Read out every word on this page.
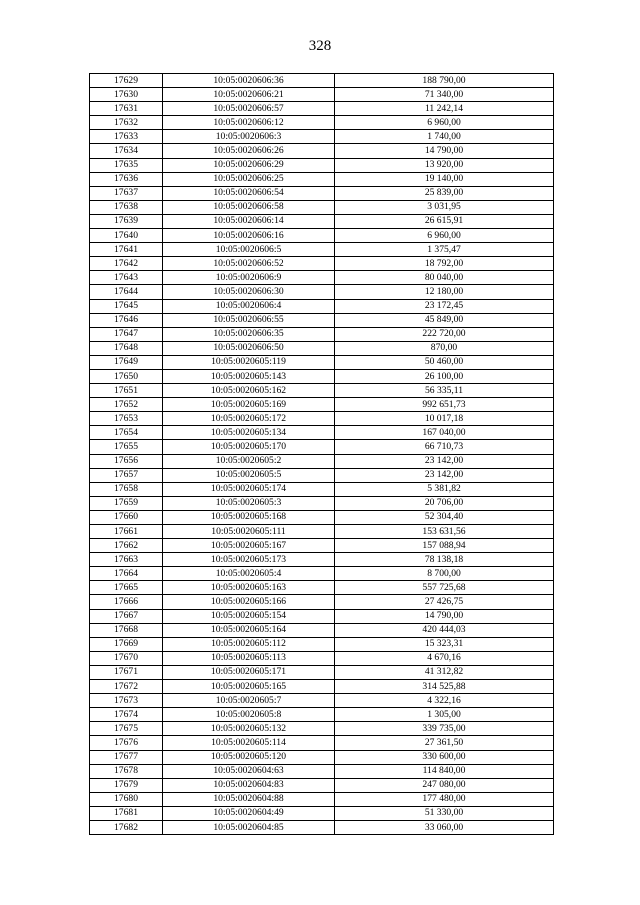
328
17629	10:05:0020606:36	188 790,00
17630	10:05:0020606:21	71 340,00
17631	10:05:0020606:57	11 242,14
17632	10:05:0020606:12	6 960,00
17633	10:05:0020606:3	1 740,00
17634	10:05:0020606:26	14 790,00
17635	10:05:0020606:29	13 920,00
17636	10:05:0020606:25	19 140,00
17637	10:05:0020606:54	25 839,00
17638	10:05:0020606:58	3 031,95
17639	10:05:0020606:14	26 615,91
17640	10:05:0020606:16	6 960,00
17641	10:05:0020606:5	1 375,47
17642	10:05:0020606:52	18 792,00
17643	10:05:0020606:9	80 040,00
17644	10:05:0020606:30	12 180,00
17645	10:05:0020606:4	23 172,45
17646	10:05:0020606:55	45 849,00
17647	10:05:0020606:35	222 720,00
17648	10:05:0020606:50	870,00
17649	10:05:0020605:119	50 460,00
17650	10:05:0020605:143	26 100,00
17651	10:05:0020605:162	56 335,11
17652	10:05:0020605:169	992 651,73
17653	10:05:0020605:172	10 017,18
17654	10:05:0020605:134	167 040,00
17655	10:05:0020605:170	66 710,73
17656	10:05:0020605:2	23 142,00
17657	10:05:0020605:5	23 142,00
17658	10:05:0020605:174	5 381,82
17659	10:05:0020605:3	20 706,00
17660	10:05:0020605:168	52 304,40
17661	10:05:0020605:111	153 631,56
17662	10:05:0020605:167	157 088,94
17663	10:05:0020605:173	78 138,18
17664	10:05:0020605:4	8 700,00
17665	10:05:0020605:163	557 725,68
17666	10:05:0020605:166	27 426,75
17667	10:05:0020605:154	14 790,00
17668	10:05:0020605:164	420 444,03
17669	10:05:0020605:112	15 323,31
17670	10:05:0020605:113	4 670,16
17671	10:05:0020605:171	41 312,82
17672	10:05:0020605:165	314 525,88
17673	10:05:0020605:7	4 322,16
17674	10:05:0020605:8	1 305,00
17675	10:05:0020605:132	339 735,00
17676	10:05:0020605:114	27 361,50
17677	10:05:0020605:120	330 600,00
17678	10:05:0020604:63	114 840,00
17679	10:05:0020604:83	247 080,00
17680	10:05:0020604:88	177 480,00
17681	10:05:0020604:49	51 330,00
17682	10:05:0020604:85	33 060,00
